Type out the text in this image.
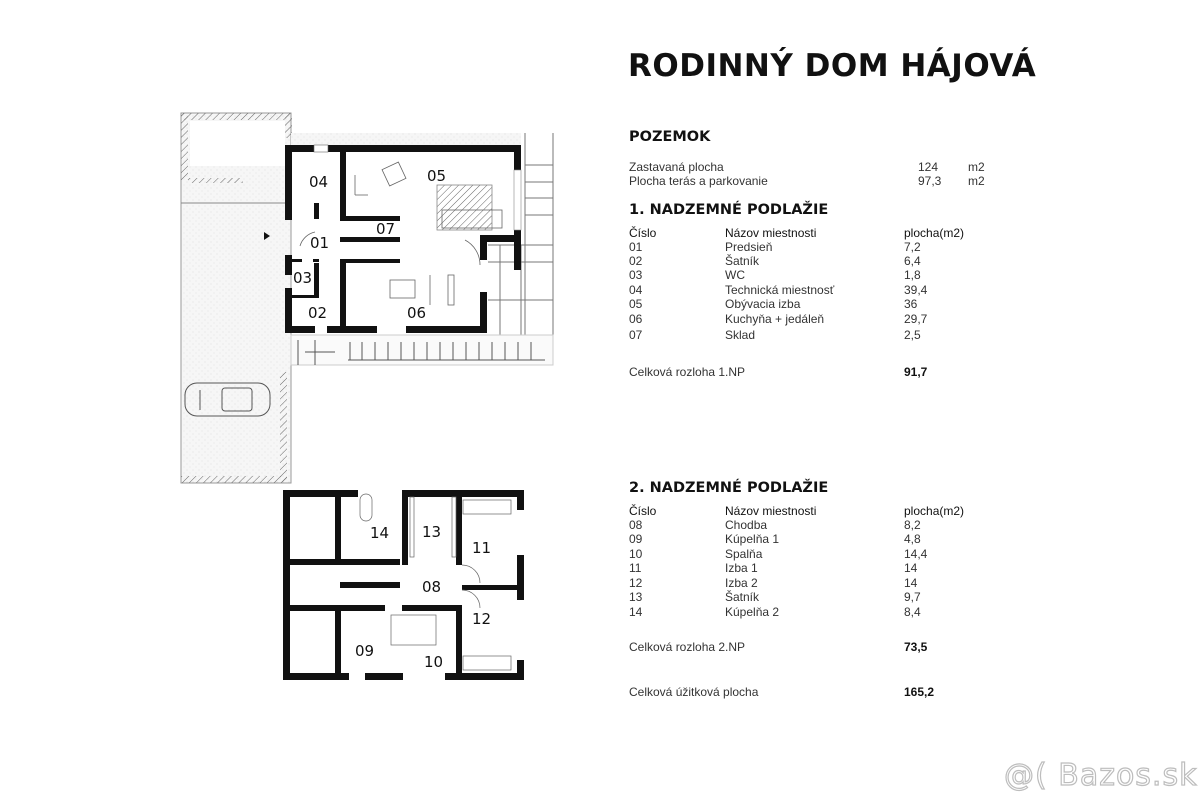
04	05
07
01
03
02	06
14 13
11
08
12
09
10
RODINNÝ DOM HÁJOVÁ
POZEMOK
Zastavaná plocha	124 m2
Plocha terás a parkovanie	97,3 m2
1. NADZEMNÉ PODLAŽIE
Číslo	Názov miestnosti	plocha(m2)
01	Predsieň	7,2
02	Šatník	6,4
03	WC	1,8
04	Technická miestnosť	39,4
05	Obývacia izba	36
06	Kuchyňa + jedáleň	29,7
07	Sklad	2,5
Celková rozloha 1.NP	91,7
2. NADZEMNÉ PODLAŽIE
Číslo	Názov miestnosti	plocha(m2)
08	Chodba	8,2
09	Kúpelňa 1	4,8
10	Spalňa	14,4
11	Izba 1	14
12	Izba 2	14
13	Šatník	9,7
14	Kúpelňa 2	8,4
Celková rozloha 2.NP	73,5
Celková úžitková plocha	165,2
@( Bazos.sk
